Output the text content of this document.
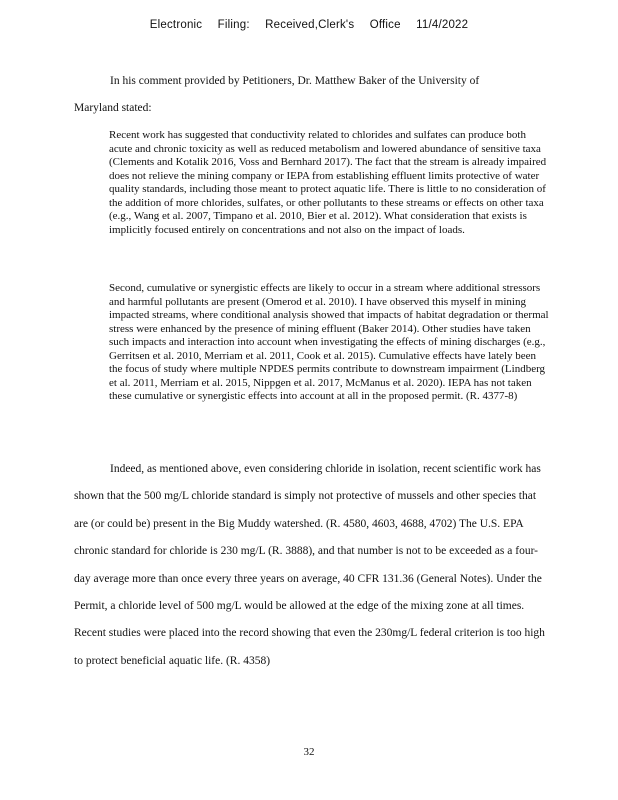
Electronic Filing: Received,Clerk's Office 11/4/2022
In his comment provided by Petitioners, Dr. Matthew Baker of the University of
Maryland stated:
Recent work has suggested that conductivity related to chlorides and sulfates can produce both acute and chronic toxicity as well as reduced metabolism and lowered abundance of sensitive taxa (Clements and Kotalik 2016, Voss and Bernhard 2017). The fact that the stream is already impaired does not relieve the mining company or IEPA from establishing effluent limits protective of water quality standards, including those meant to protect aquatic life. There is little to no consideration of the addition of more chlorides, sulfates, or other pollutants to these streams or effects on other taxa (e.g., Wang et al. 2007, Timpano et al. 2010, Bier et al. 2012). What consideration that exists is implicitly focused entirely on concentrations and not also on the impact of loads.
Second, cumulative or synergistic effects are likely to occur in a stream where additional stressors and harmful pollutants are present (Omerod et al. 2010). I have observed this myself in mining impacted streams, where conditional analysis showed that impacts of habitat degradation or thermal stress were enhanced by the presence of mining effluent (Baker 2014). Other studies have taken such impacts and interaction into account when investigating the effects of mining discharges (e.g., Gerritsen et al. 2010, Merriam et al. 2011, Cook et al. 2015). Cumulative effects have lately been the focus of study where multiple NPDES permits contribute to downstream impairment (Lindberg et al. 2011, Merriam et al. 2015, Nippgen et al. 2017, McManus et al. 2020). IEPA has not taken these cumulative or synergistic effects into account at all in the proposed permit. (R. 4377-8)
Indeed, as mentioned above, even considering chloride in isolation, recent scientific work has shown that the 500 mg/L chloride standard is simply not protective of mussels and other species that are (or could be) present in the Big Muddy watershed. (R. 4580, 4603, 4688, 4702) The U.S. EPA chronic standard for chloride is 230 mg/L (R. 3888), and that number is not to be exceeded as a four-day average more than once every three years on average, 40 CFR 131.36 (General Notes). Under the Permit, a chloride level of 500 mg/L would be allowed at the edge of the mixing zone at all times. Recent studies were placed into the record showing that even the 230mg/L federal criterion is too high to protect beneficial aquatic life. (R. 4358)
32
